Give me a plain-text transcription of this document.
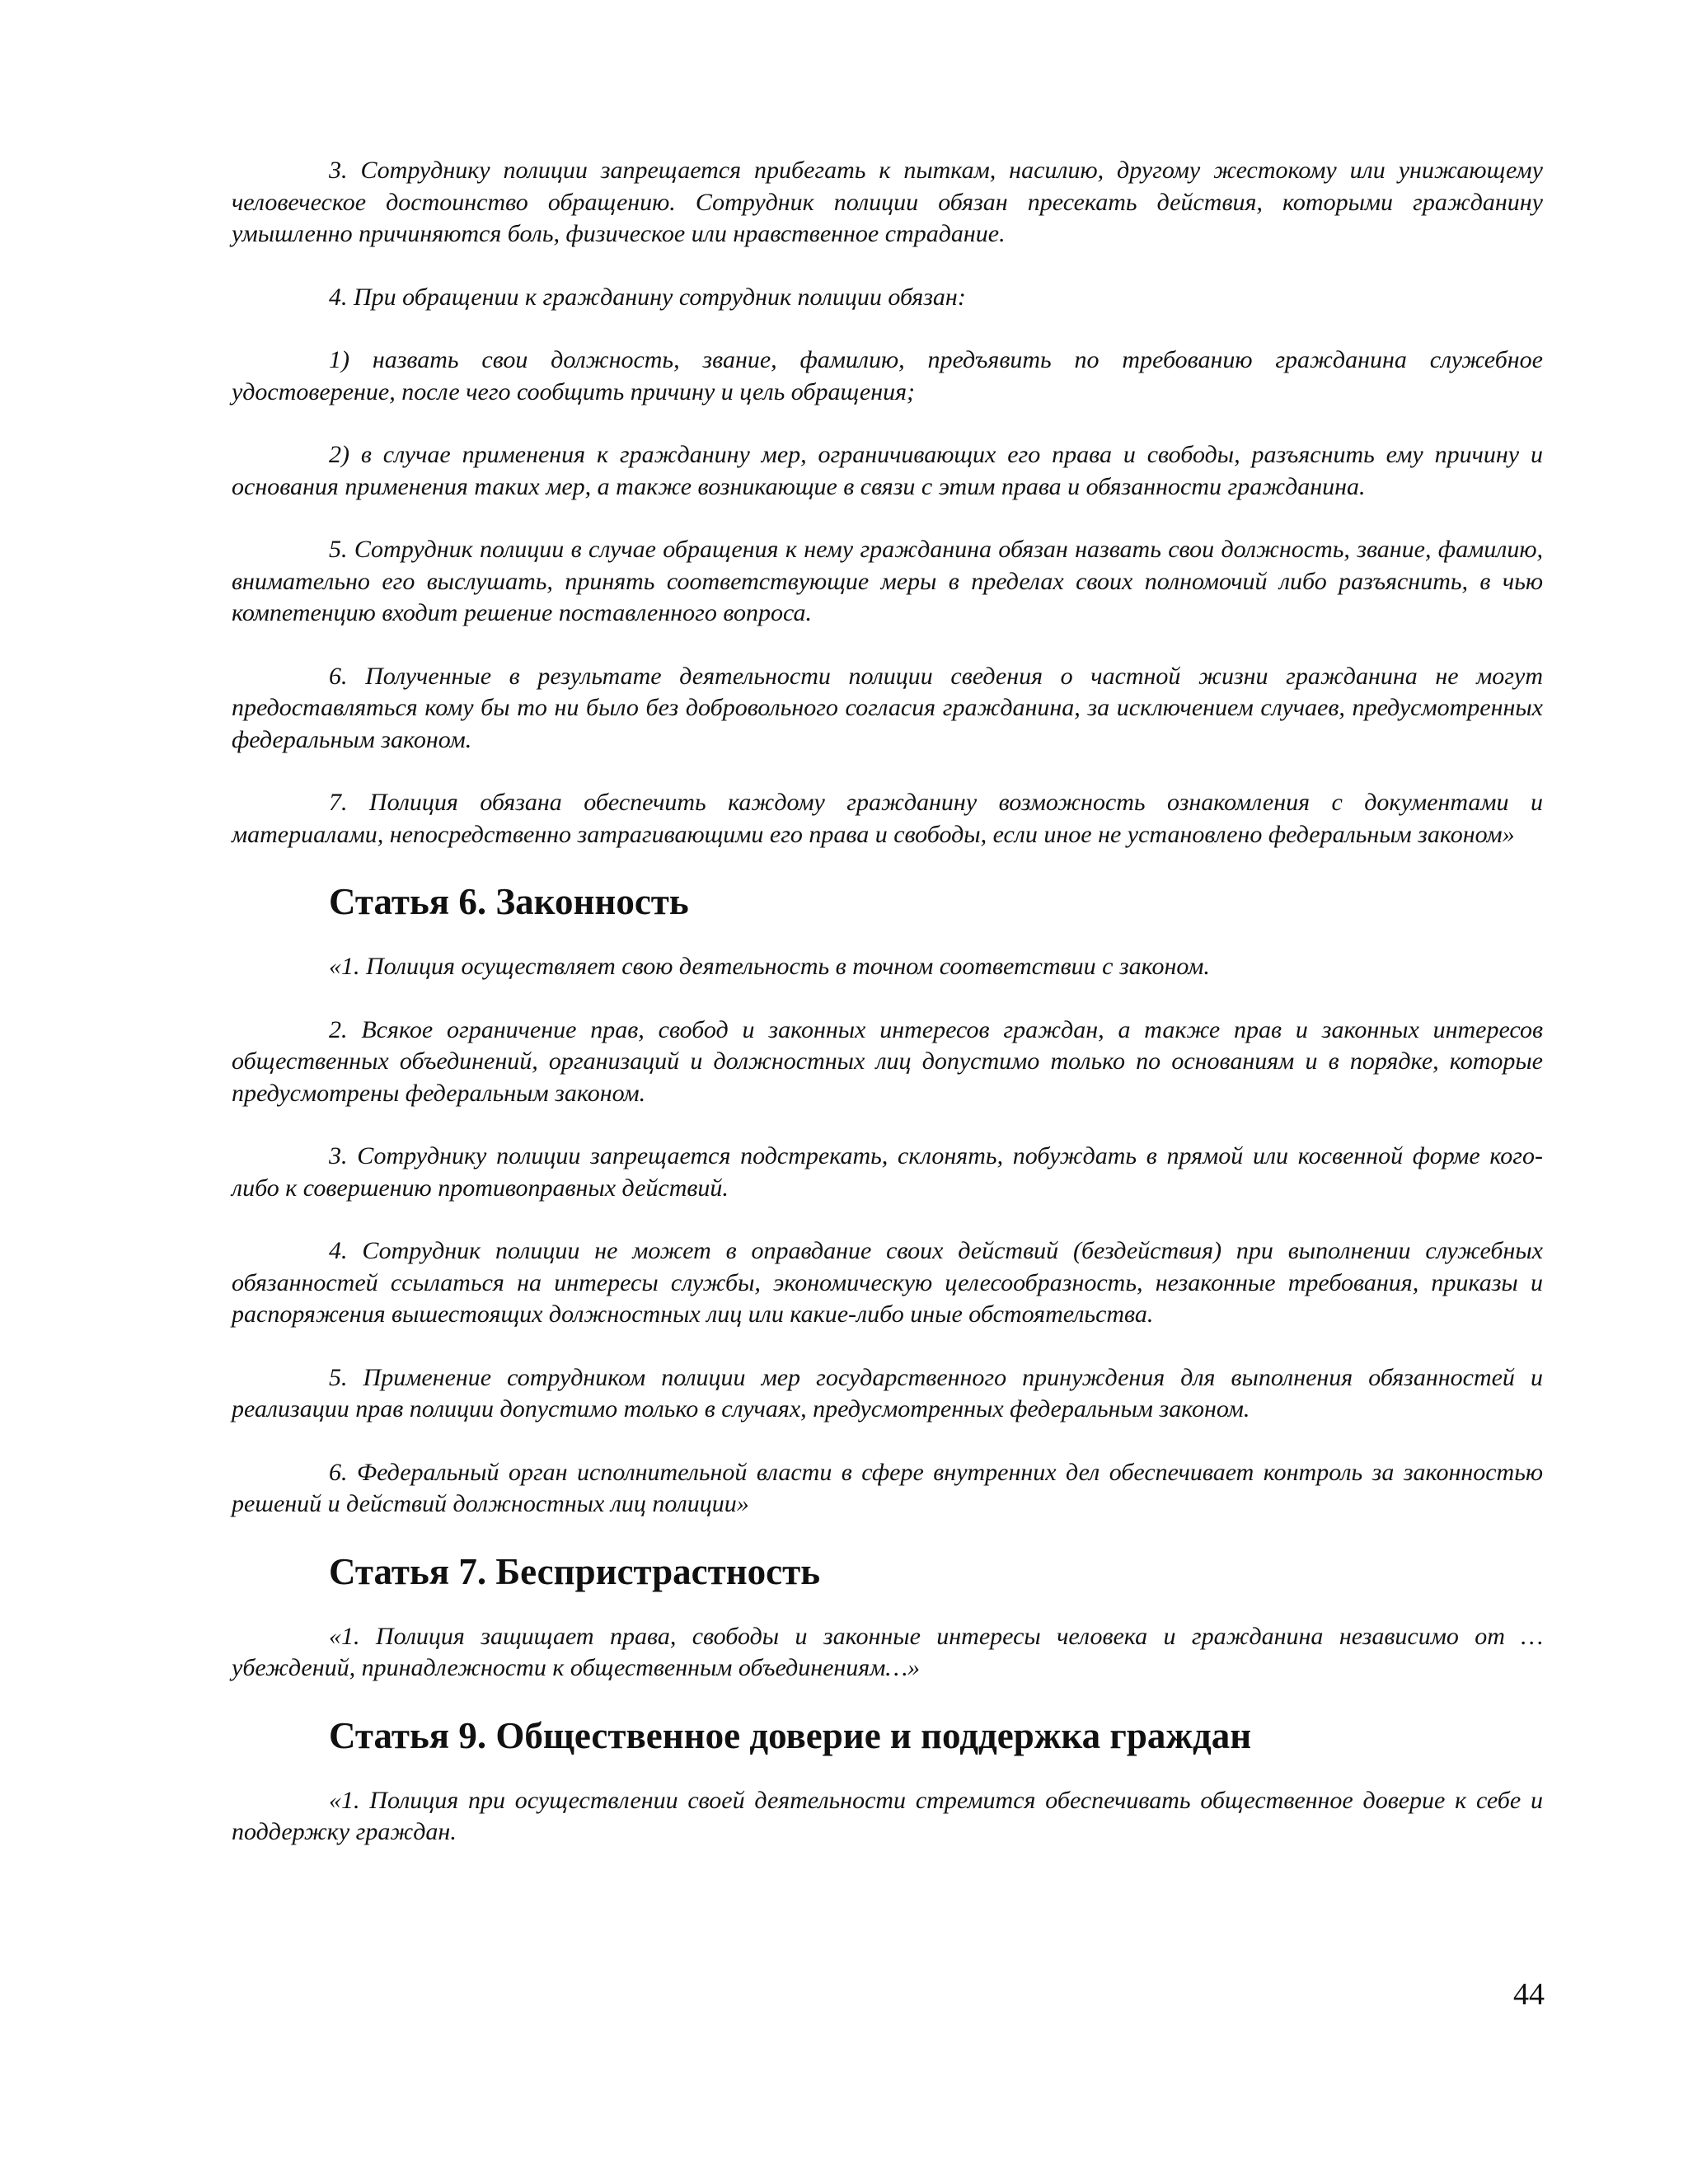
3. Сотруднику полиции запрещается прибегать к пыткам, насилию, другому жестокому или унижающему человеческое достоинство обращению. Сотрудник полиции обязан пресекать действия, которыми гражданину умышленно причиняются боль, физическое или нравственное страдание.

4. При обращении к гражданину сотрудник полиции обязан:

1) назвать свои должность, звание, фамилию, предъявить по требованию гражданина служебное удостоверение, после чего сообщить причину и цель обращения;

2) в случае применения к гражданину мер, ограничивающих его права и свободы, разъяснить ему причину и основания применения таких мер, а также возникающие в связи с этим права и обязанности гражданина.

5. Сотрудник полиции в случае обращения к нему гражданина обязан назвать свои должность, звание, фамилию, внимательно его выслушать, принять соответствующие меры в пределах своих полномочий либо разъяснить, в чью компетенцию входит решение поставленного вопроса.

6. Полученные в результате деятельности полиции сведения о частной жизни гражданина не могут предоставляться кому бы то ни было без добровольного согласия гражданина, за исключением случаев, предусмотренных федеральным законом.

7. Полиция обязана обеспечить каждому гражданину возможность ознакомления с документами и материалами, непосредственно затрагивающими его права и свободы, если иное не установлено федеральным законом»

Статья 6. Законность

«1. Полиция осуществляет свою деятельность в точном соответствии с законом.

2. Всякое ограничение прав, свобод и законных интересов граждан, а также прав и законных интересов общественных объединений, организаций и должностных лиц допустимо только по основаниям и в порядке, которые предусмотрены федеральным законом.

3. Сотруднику полиции запрещается подстрекать, склонять, побуждать в прямой или косвенной форме кого-либо к совершению противоправных действий.

4. Сотрудник полиции не может в оправдание своих действий (бездействия) при выполнении служебных обязанностей ссылаться на интересы службы, экономическую целесообразность, незаконные требования, приказы и распоряжения вышестоящих должностных лиц или какие-либо иные обстоятельства.

5. Применение сотрудником полиции мер государственного принуждения для выполнения обязанностей и реализации прав полиции допустимо только в случаях, предусмотренных федеральным законом.

6. Федеральный орган исполнительной власти в сфере внутренних дел обеспечивает контроль за законностью решений и действий должностных лиц полиции»

Статья 7. Беспристрастность

«1. Полиция защищает права, свободы и законные интересы человека и гражданина независимо от … убеждений, принадлежности к общественным объединениям…»

Статья 9. Общественное доверие и поддержка граждан

«1. Полиция при осуществлении своей деятельности стремится обеспечивать общественное доверие к себе и поддержку граждан.

44
